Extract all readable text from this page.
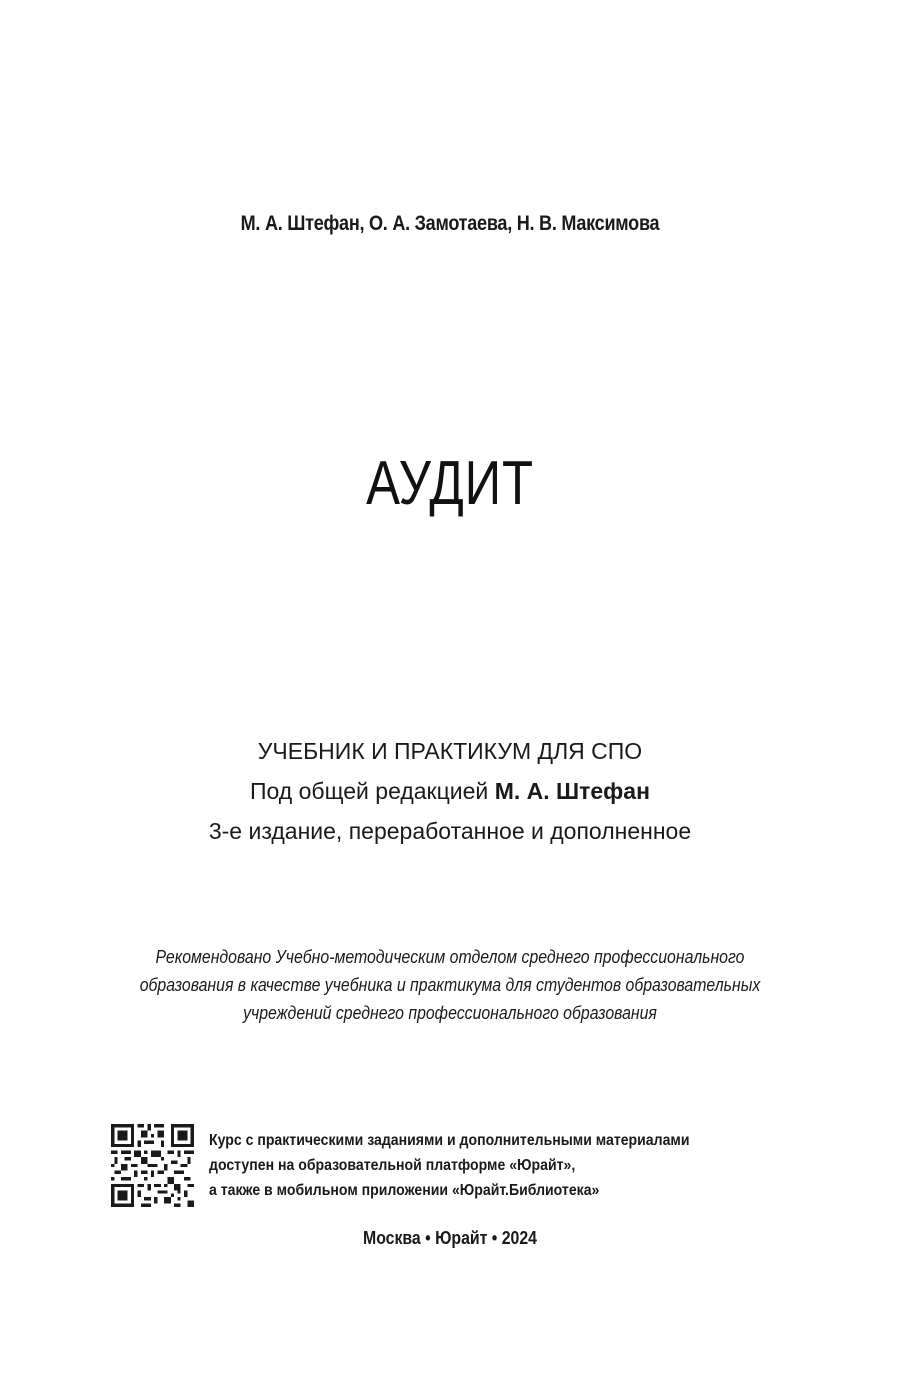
М. А. Штефан, О. А. Замотаева, Н. В. Максимова
АУДИТ
УЧЕБНИК И ПРАКТИКУМ ДЛЯ СПО
Под общей редакцией М. А. Штефан
3-е издание, переработанное и дополненное
Рекомендовано Учебно-методическим отделом среднего профессионального
образования в качестве учебника и практикума для студентов образовательных
учреждений среднего профессионального образования
Курс с практическими заданиями и дополнительными материалами
доступен на образовательной платформе «Юрайт»,
а также в мобильном приложении «Юрайт.Библиотека»
Москва • Юрайт • 2024
